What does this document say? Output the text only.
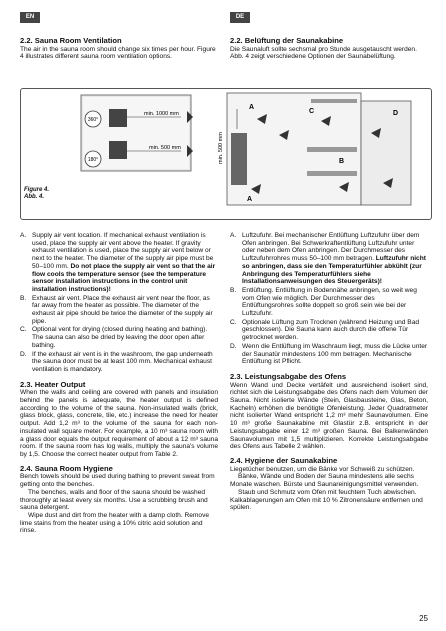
EN	DE
2.2. Sauna Room Ventilation
The air in the sauna room should change six times per hour. Figure 4 illustrates different sauna room ventilation options.
2.2. Belüftung der Saunakabine
Die Saunaluft sollte sechsmal pro Stunde ausgetauscht werden. Abb. 4 zeigt verschiedene Optionen der Saunabelüftung.
360°
180°
min. 1000 mm
min. 500 mm	min. 500 mm
A
B
C	D
A
Figure 4.
Abb. 4.
A. Supply air vent location. If mechanical exhaust ventilation is used, place the supply air vent above the heater. If gravity exhaust ventilation is used, place the supply air vent below or next to the heater. The diameter of the supply air pipe must be 50–100 mm. Do not place the supply air vent so that the air flow cools the temperature sensor (see the temperature sensor installation instructions in the control unit installation instructions)!
B. Exhaust air vent. Place the exhaust air vent near the floor, as far away from the heater as possible. The diameter of the exhaust air pipe should be twice the diameter of the supply air pipe.
C. Optional vent for drying (closed during heating and bathing). The sauna can also be dried by leaving the door open after bathing.
D. If the exhaust air vent is in the washroom, the gap underneath the sauna door must be at least 100 mm. Mechanical exhaust ventilation is mandatory.
2.3. Heater Output
When the walls and ceiling are covered with panels and insulation behind the panels is adequate, the heater output is defined according to the volume of the sauna. Non-insulated walls (brick, glass block, glass, concrete, tile, etc.) increase the need for heater output. Add 1,2 m³ to the volume of the sauna for each non-insulated wall square meter. For example, a 10 m³ sauna room with a glass door equals the output requirement of about a 12 m³ sauna room. If the sauna room has log walls, multiply the sauna's volume by 1,5. Choose the correct heater output from Table 2.
2.4. Sauna Room Hygiene
Bench towels should be used during bathing to prevent sweat from getting onto the benches.
The benches, walls and floor of the sauna should be washed thoroughly at least every six months. Use a scrubbing brush and sauna detergent.
Wipe dust and dirt from the heater with a damp cloth. Remove lime stains from the heater using a 10% citric acid solution and rinse.
A. Luftzufuhr. Bei mechanischer Entlüftung Luftzufuhr über dem Ofen anbringen. Bei Schwerkraftentlüftung Luftzufuhr unter oder neben dem Ofen anbringen. Der Durchmesser des Luftzufuhrrohres muss 50–100 mm betragen. Luftzufuhr nicht so anbringen, dass sie den Temperaturfühler abkühlt (zur Anbringung des Temperaturfühlers siehe Installationsanweisungen des Steuergeräts)!
B. Entlüftung. Entlüftung in Bodennähe anbringen, so weit weg vom Ofen wie möglich. Der Durchmesser des Entlüftungsrohres sollte doppelt so groß sein wie bei der Luftzufuhr.
C. Optionale Lüftung zum Trocknen (während Heizung und Bad geschlossen). Die Sauna kann auch durch die offene Tür getrocknet werden.
D. Wenn die Entlüftung im Waschraum liegt, muss die Lücke unter der Saunatür mindestens 100 mm betragen. Mechanische Entlüftung ist Pflicht.
2.3. Leistungsabgabe des Ofens
Wenn Wand und Decke vertäfelt und ausreichend isoliert sind, richtet sich die Leistungsabgabe des Ofens nach dem Volumen der Sauna. Nicht isolierte Wände (Stein, Glasbausteine, Glas, Beton, Kacheln) erhöhen die benötigte Ofenleistung. Jeder Quadratmeter nicht isolierter Wand entspricht 1,2 m³ mehr Saunavolumen. Eine 10 m³ große Saunakabine mit Glastür z.B. entspricht in der Leistungsabgabe einer 12 m³ großen Sauna. Bei Balkenwänden Saunavolumen mit 1,5 multiplizieren. Korrekte Leistungsabgabe des Ofens aus Tabelle 2 wählen.
2.4. Hygiene der Saunakabine
Liegetücher benutzen, um die Bänke vor Schweiß zu schützen.
Bänke, Wände und Boden der Sauna mindestens alle sechs Monate waschen. Bürste und Saunareinigungsmittel verwenden.
Staub und Schmutz vom Ofen mit feuchtem Tuch abwischen. Kalkablagerungen am Ofen mit 10 % Zitronensäure entfernen und spülen.
25
